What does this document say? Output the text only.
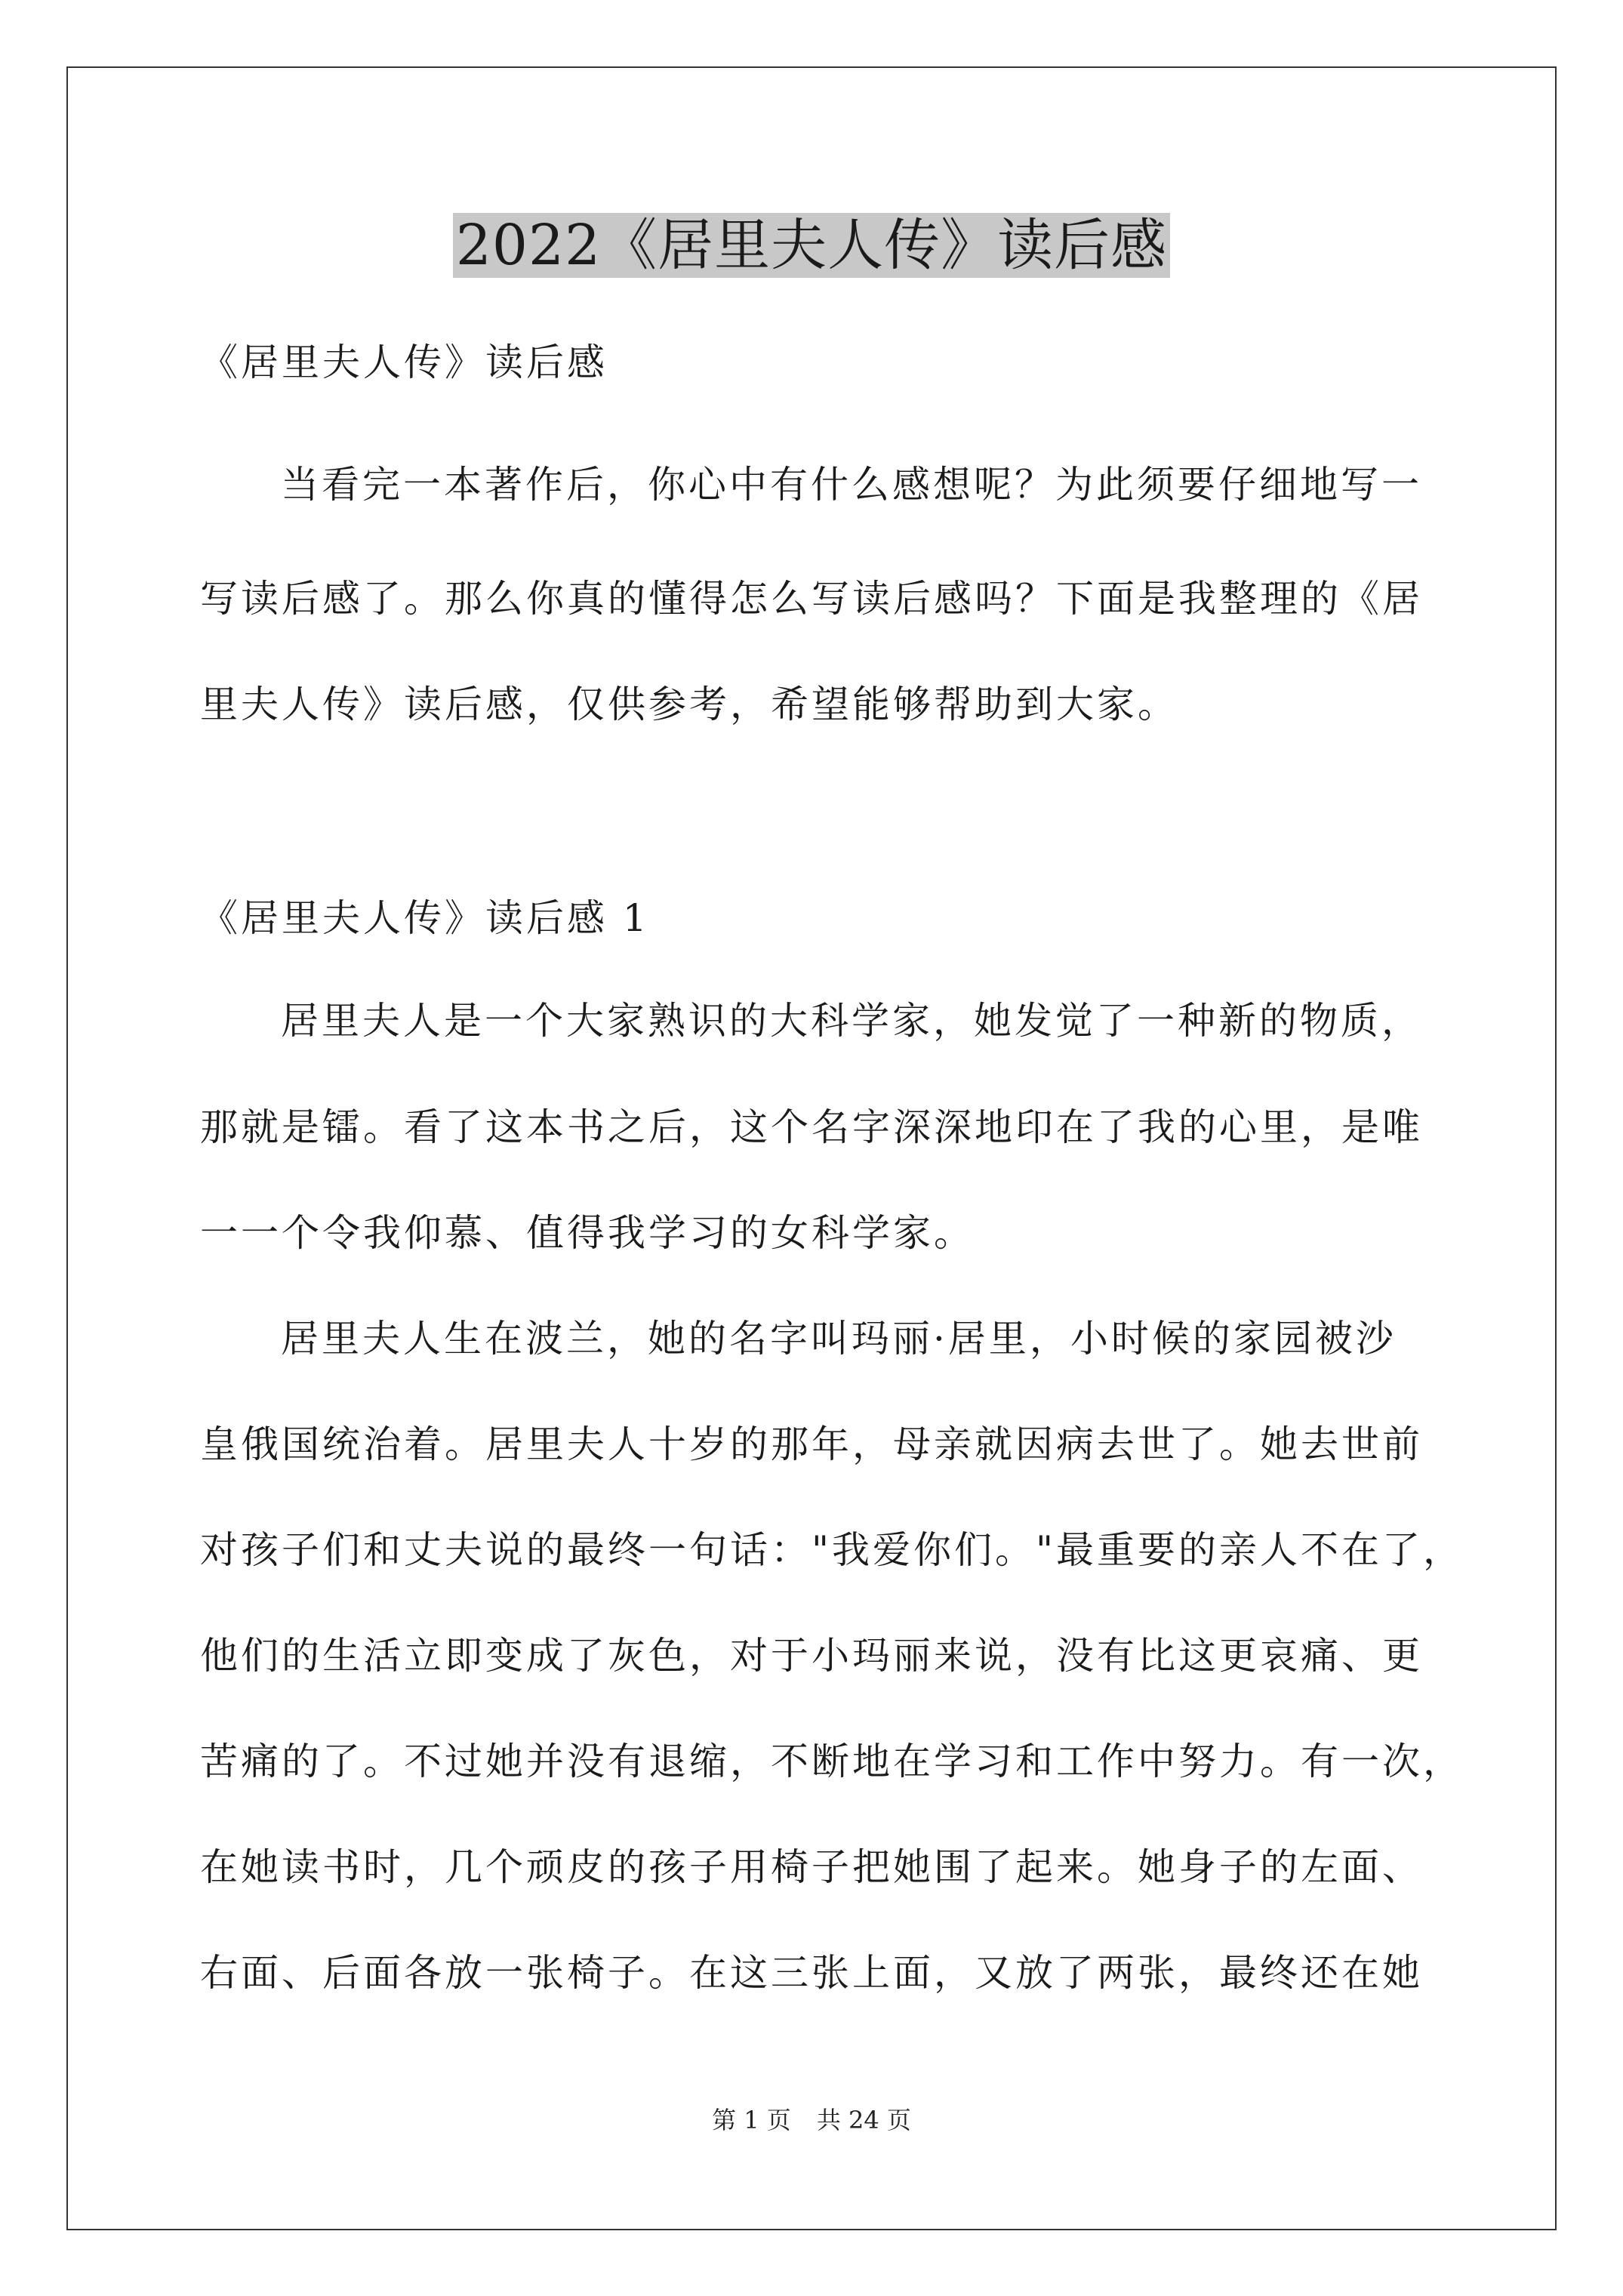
2022《居里夫人传》读后感
《居里夫人传》读后感
当看完一本著作后，你心中有什么感想呢？为此须要仔细地写一
写读后感了。那么你真的懂得怎么写读后感吗？下面是我整理的《居
里夫人传》读后感，仅供参考，希望能够帮助到大家。
《居里夫人传》读后感 1
居里夫人是一个大家熟识的大科学家，她发觉了一种新的物质，
那就是镭。看了这本书之后，这个名字深深地印在了我的心里，是唯
一一个令我仰慕、值得我学习的女科学家。
居里夫人生在波兰，她的名字叫玛丽·居里，小时候的家园被沙
皇俄国统治着。居里夫人十岁的那年，母亲就因病去世了。她去世前
对孩子们和丈夫说的最终一句话："我爱你们。"最重要的亲人不在了，
他们的生活立即变成了灰色，对于小玛丽来说，没有比这更哀痛、更
苦痛的了。不过她并没有退缩，不断地在学习和工作中努力。有一次，
在她读书时，几个顽皮的孩子用椅子把她围了起来。她身子的左面、
右面、后面各放一张椅子。在这三张上面，又放了两张，最终还在她
第 1 页 共 24 页
